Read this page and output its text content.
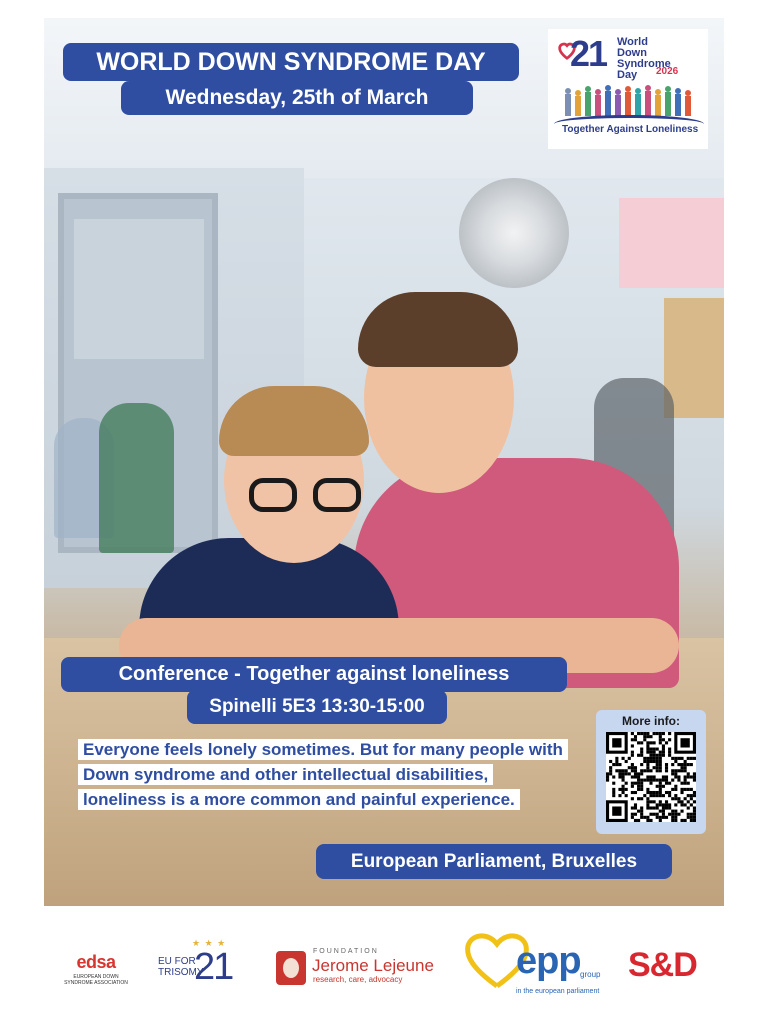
WORLD DOWN SYNDROME DAY
Wednesday, 25th of March
21 World
Down
Syndrome
Day	2026
Together Against Loneliness
Conference - Together against loneliness
Spinelli 5E3 13:30-15:00
Everyone feels lonely sometimes. But for many people with Down syndrome and other intellectual disabilities, loneliness is a more common and painful experience.
More info:
European Parliament, Bruxelles
edsa
EUROPEAN DOWN SYNDROME ASSOCIATION
★ ★ ★
EU FOR
TRISOMY
21	FOUNDATION
Jerome Lejeune
research, care, advocacy	epp group
in the european parliament
S&D
